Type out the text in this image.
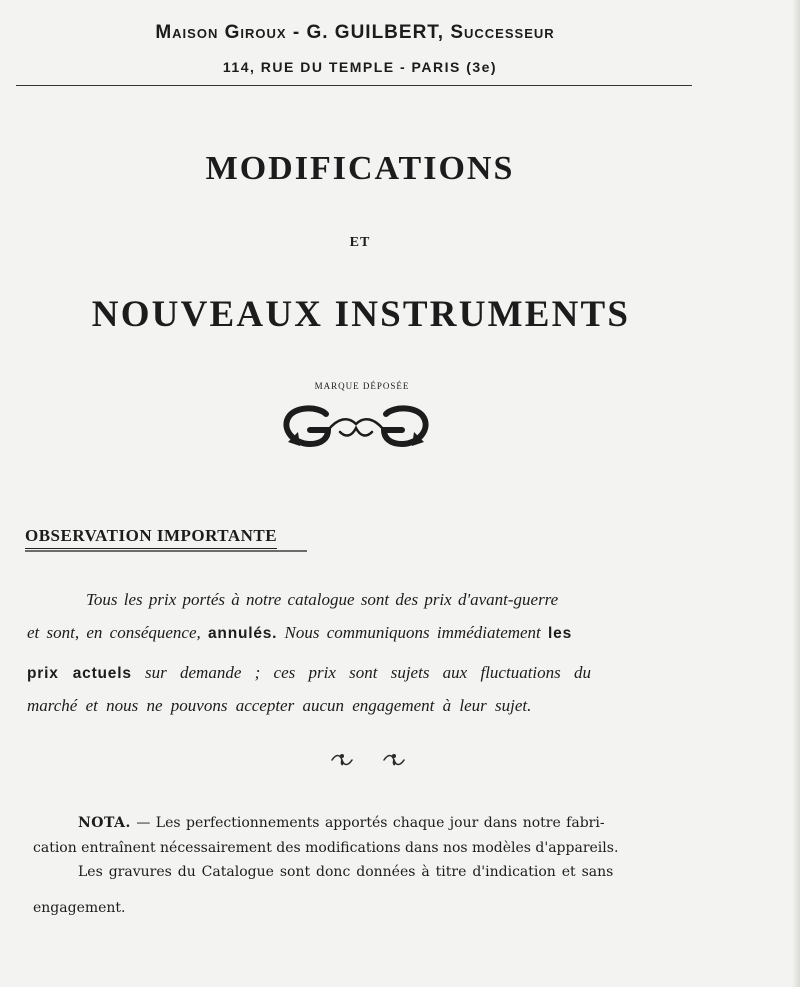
Maison Giroux - G. GUILBERT, Successeur
114, RUE DU TEMPLE - PARIS (3e)
MODIFICATIONS
ET
NOUVEAUX INSTRUMENTS
MARQUE DÉPOSÉE
OBSERVATION IMPORTANTE
Tous les prix portés à notre catalogue sont des prix d'avant-guerre
et sont, en conséquence, annulés. Nous communiquons immédiatement les
prix actuels sur demande ; ces prix sont sujets aux fluctuations du
marché et nous ne pouvons accepter aucun engagement à leur sujet.
NOTA. — Les perfectionnements apportés chaque jour dans notre fabri-
cation entraînent nécessairement des modifications dans nos modèles d'appareils.
Les gravures du Catalogue sont donc données à titre d'indication et sans
engagement.
